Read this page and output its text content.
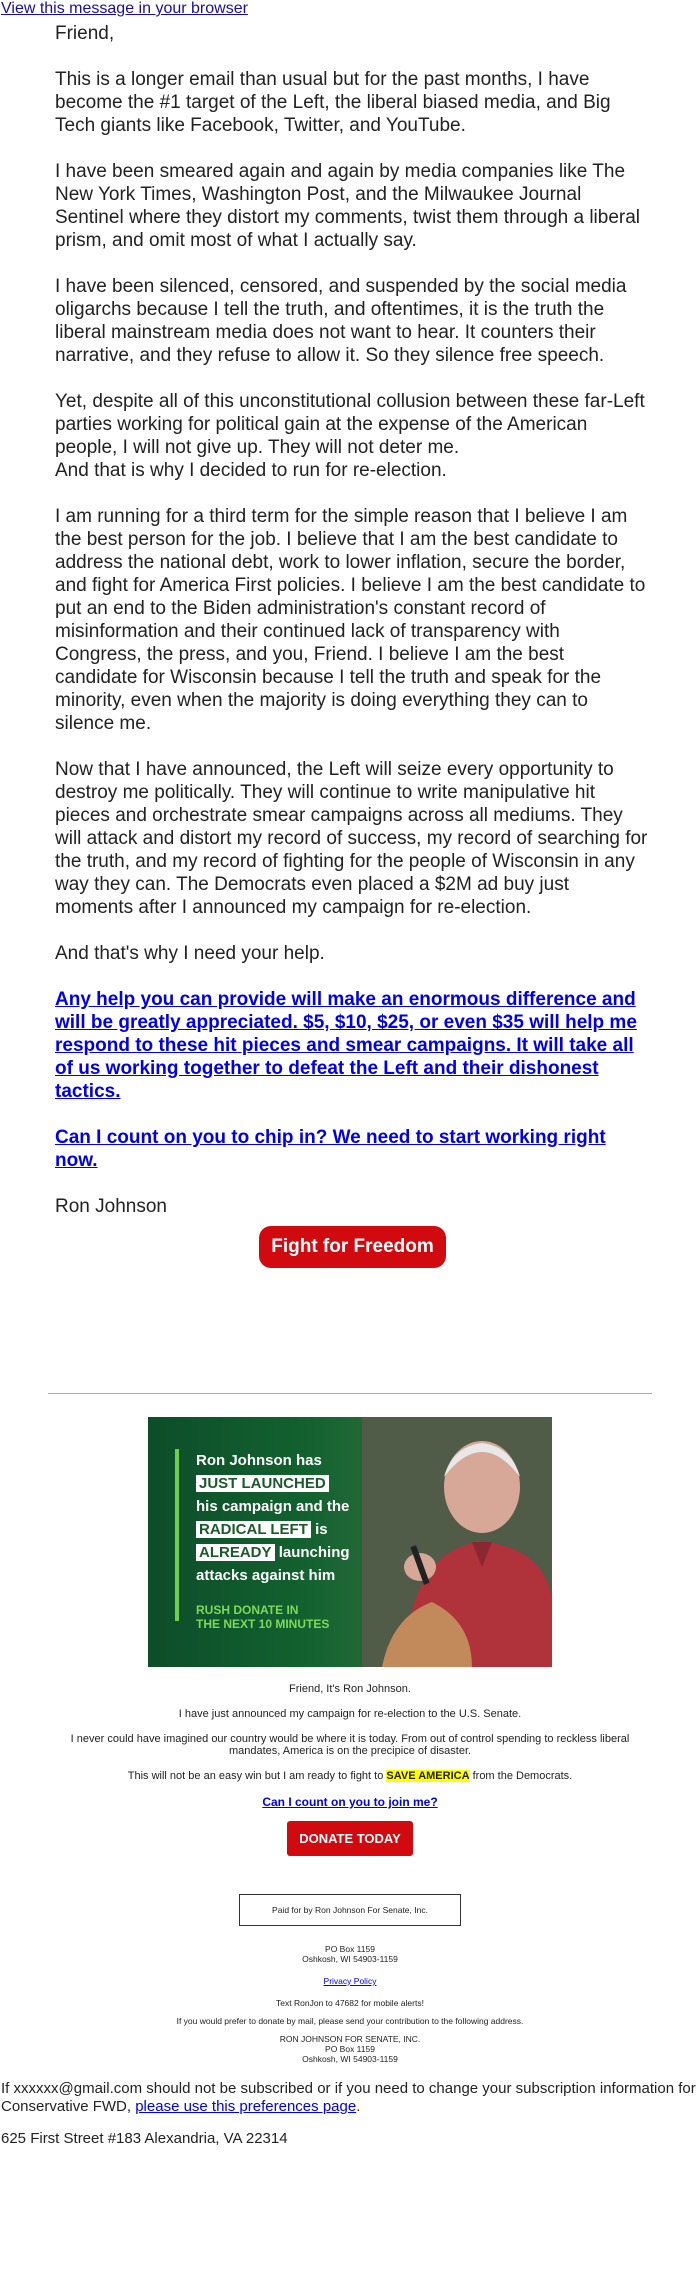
View this message in your browser

Friend,

This is a longer email than usual but for the past months, I have become the #1 target of the Left, the liberal biased media, and Big Tech giants like Facebook, Twitter, and YouTube.

I have been smeared again and again by media companies like The New York Times, Washington Post, and the Milwaukee Journal Sentinel where they distort my comments, twist them through a liberal prism, and omit most of what I actually say.

I have been silenced, censored, and suspended by the social media oligarchs because I tell the truth, and oftentimes, it is the truth the liberal mainstream media does not want to hear. It counters their narrative, and they refuse to allow it. So they silence free speech.

Yet, despite all of this unconstitutional collusion between these far-Left parties working for political gain at the expense of the American people, I will not give up. They will not deter me.
And that is why I decided to run for re-election.

I am running for a third term for the simple reason that I believe I am the best person for the job. I believe that I am the best candidate to address the national debt, work to lower inflation, secure the border, and fight for America First policies. I believe I am the best candidate to put an end to the Biden administration's constant record of misinformation and their continued lack of transparency with Congress, the press, and you, Friend. I believe I am the best candidate for Wisconsin because I tell the truth and speak for the minority, even when the majority is doing everything they can to silence me.

Now that I have announced, the Left will seize every opportunity to destroy me politically. They will continue to write manipulative hit pieces and orchestrate smear campaigns across all mediums. They will attack and distort my record of success, my record of searching for the truth, and my record of fighting for the people of Wisconsin in any way they can. The Democrats even placed a $2M ad buy just moments after I announced my campaign for re-election.

And that's why I need your help.

Any help you can provide will make an enormous difference and will be greatly appreciated. $5, $10, $25, or even $35 will help me respond to these hit pieces and smear campaigns. It will take all of us working together to defeat the Left and their dishonest tactics.

Can I count on you to chip in? We need to start working right now.

Ron Johnson

Fight for Freedom
Ron Johnson has
JUST LAUNCHED
his campaign and the
RADICAL LEFT is
ALREADY launching attacks against him
RUSH DONATE IN
THE NEXT 10 MINUTES

Friend, It's Ron Johnson.

I have just announced my campaign for re-election to the U.S. Senate.

I never could have imagined our country would be where it is today. From out of control spending to reckless liberal mandates, America is on the precipice of disaster.

This will not be an easy win but I am ready to fight to SAVE AMERICA from the Democrats.

Can I count on you to join me?

DONATE TODAY

Paid for by Ron Johnson For Senate, Inc.

PO Box 1159

Oshkosh, WI 54903-1159

Privacy Policy

Text RonJon to 47682 for mobile alerts!

If you would prefer to donate by mail, please send your contribution to the following address.

RON JOHNSON FOR SENATE, INC.

PO Box 1159

Oshkosh, WI 54903-1159

If xxxxxx@gmail.com should not be subscribed or if you need to change your subscription information for Conservative FWD, please use this preferences page.
625 First Street #183 Alexandria, VA 22314
